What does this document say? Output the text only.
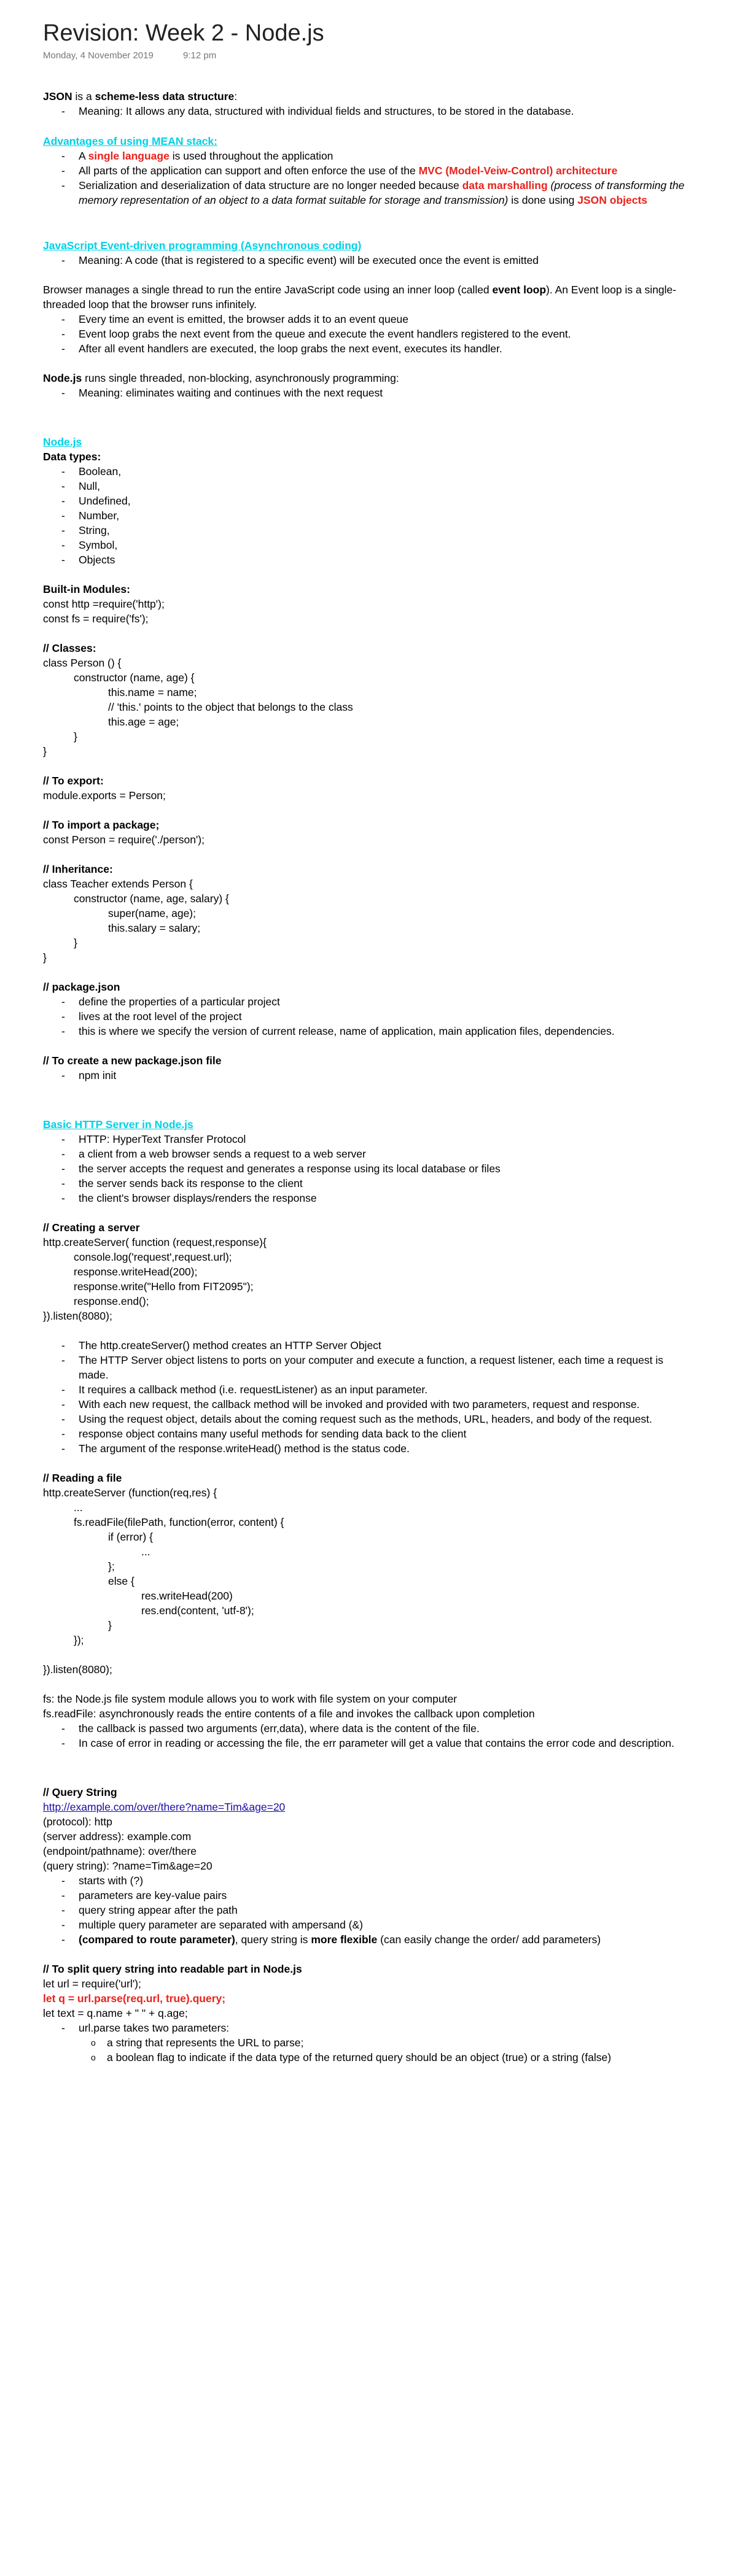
Revision: Week 2 - Node.js
Monday, 4 November 2019	9:12 pm

JSON is a scheme-less data structure:

- Meaning: It allows any data, structured with individual fields and structures, to be stored in the database.

Advantages of using MEAN stack:

- A single language is used throughout the application
- All parts of the application can support and often enforce the use of the MVC (Model-Veiw-Control) architecture
- Serialization and deserialization of data structure are no longer needed because data marshalling (process of transforming the memory representation of an object to a data format suitable for storage and transmission) is done using JSON objects

JavaScript Event-driven programming (Asynchronous coding)

- Meaning: A code (that is registered to a specific event) will be executed once the event is emitted

Browser manages a single thread to run the entire JavaScript code using an inner loop (called event loop). An Event loop is a single-threaded loop that the browser runs infinitely.

- Every time an event is emitted, the browser adds it to an event queue
- Event loop grabs the next event from the queue and execute the event handlers registered to the event.
- After all event handlers are executed, the loop grabs the next event, executes its handler.

Node.js runs single threaded, non-blocking, asynchronously programming:

- Meaning: eliminates waiting and continues with the next request

Node.js

Data types:

- Boolean,
- Null,
- Undefined,
- Number,
- String,
- Symbol,
- Objects

Built-in Modules:

const http =require('http');

const fs = require('fs');

// Classes:

class Person () {

constructor (name, age) {

this.name = name;

// 'this.' points to the object that belongs to the class

this.age = age;

}

}

// To export:

module.exports = Person;

// To import a package;

const Person = require('./person');

// Inheritance:

class Teacher extends Person {

constructor (name, age, salary) {

super(name, age);

this.salary = salary;

}

}

// package.json

- define the properties of a particular project
- lives at the root level of the project
- this is where we specify the version of current release, name of application, main application files, dependencies.

// To create a new package.json file

- npm init

Basic HTTP Server in Node.js

- HTTP: HyperText Transfer Protocol
- a client from a web browser sends a request to a web server
- the server accepts the request and generates a response using its local database or files
- the server sends back its response to the client
- the client's browser displays/renders the response

// Creating a server

http.createServer( function (request,response){

console.log('request',request.url);

response.writeHead(200);

response.write("Hello from FIT2095");

response.end();

}).listen(8080);

- The http.createServer() method creates an HTTP Server Object
- The HTTP Server object listens to ports on your computer and execute a function, a request listener, each time a request is made.
- It requires a callback method (i.e. requestListener) as an input parameter.
- With each new request, the callback method will be invoked and provided with two parameters, request and response.
- Using the request object, details about the coming request such as the methods, URL, headers, and body of the request.
- response object contains many useful methods for sending data back to the client
- The argument of the response.writeHead() method is the status code.

// Reading a file

http.createServer (function(req,res) {

...

fs.readFile(filePath, function(error, content) {

if (error) {

...

};

else {

res.writeHead(200)

res.end(content, 'utf-8');

}

});

}).listen(8080);

fs: the Node.js file system module allows you to work with file system on your computer

fs.readFile: asynchronously reads the entire contents of a file and invokes the callback upon completion

- the callback is passed two arguments (err,data), where data is the content of the file.
- In case of error in reading or accessing the file, the err parameter will get a value that contains the error code and description.

// Query String

http://example.com/over/there?name=Tim&age=20

(protocol): http

(server address): example.com

(endpoint/pathname): over/there

(query string): ?name=Tim&age=20

- starts with (?)
- parameters are key-value pairs
- query string appear after the path
- multiple query parameter are separated with ampersand (&)
- (compared to route parameter), query string is more flexible (can easily change the order/ add parameters)

// To split query string into readable part in Node.js

let url = require('url');

let q = url.parse(req.url, true).query;

let text = q.name + " " + q.age;

- url.parse takes two parameters:
o a string that represents the URL to parse;
o a boolean flag to indicate if the data type of the returned query should be an object (true) or a string (false)
